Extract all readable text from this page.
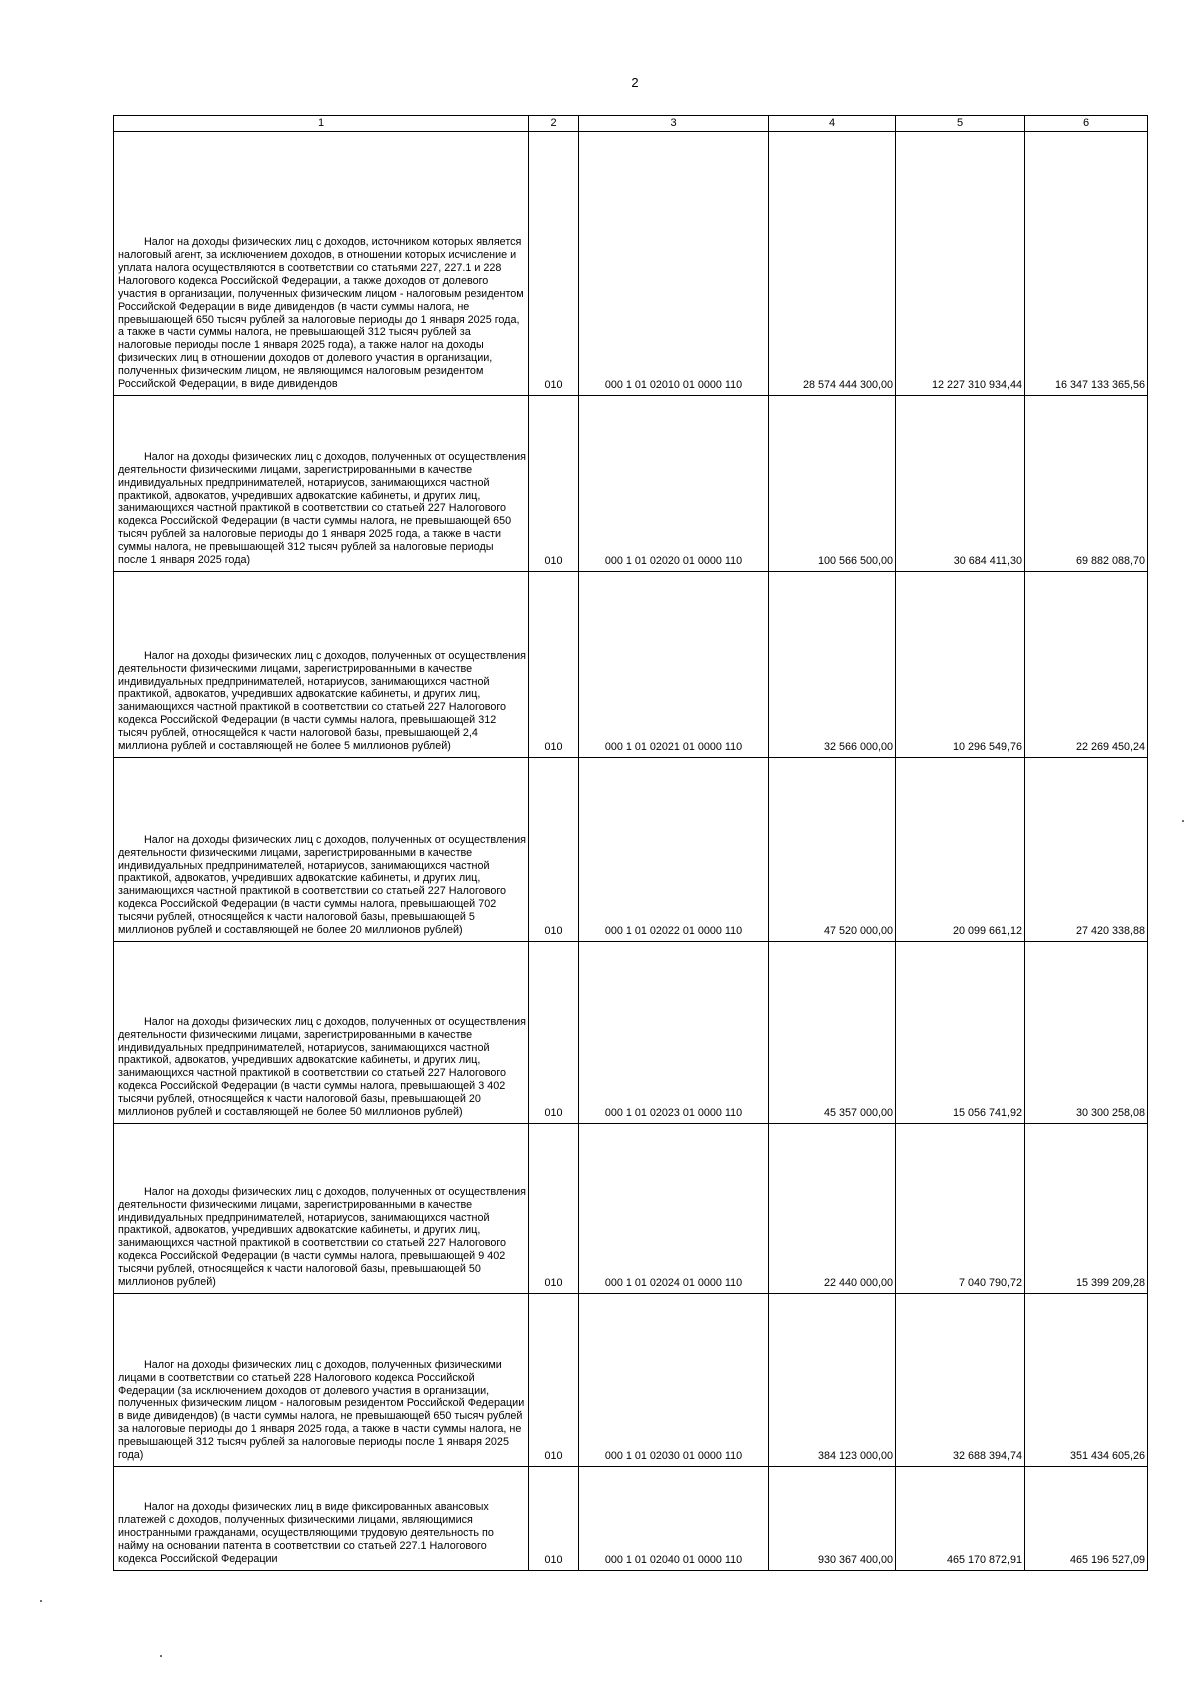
2
1	2	3	4	5	6

Налог на доходы физических лиц с доходов, источником которых является налоговый агент, за исключением доходов, в отношении которых исчисление и уплата налога осуществляются в соответствии со статьями 227, 227.1 и 228 Налогового кодекса Российской Федерации, а также доходов от долевого участия в организации, полученных физическим лицом - налоговым резидентом Российской Федерации в виде дивидендов (в части суммы налога, не превышающей 650 тысяч рублей за налоговые периоды до 1 января 2025 года, а также в части суммы налога, не превышающей 312 тысяч рублей за налоговые периоды после 1 января 2025 года), а также налог на доходы физических лиц в отношении доходов от долевого участия в организации, полученных физическим лицом, не являющимся налоговым резидентом Российской Федерации, в виде дивидендов	010	000 1 01 02010 01 0000 110	28 574 444 300,00	12 227 310 934,44	16 347 133 365,56

Налог на доходы физических лиц с доходов, полученных от осуществления деятельности физическими лицами, зарегистрированными в качестве индивидуальных предпринимателей, нотариусов, занимающихся частной практикой, адвокатов, учредивших адвокатские кабинеты, и других лиц, занимающихся частной практикой в соответствии со статьей 227 Налогового кодекса Российской Федерации (в части суммы налога, не превышающей 650 тысяч рублей за налоговые периоды до 1 января 2025 года, а также в части суммы налога, не превышающей 312 тысяч рублей за налоговые периоды после 1 января 2025 года)	010	000 1 01 02020 01 0000 110	100 566 500,00	30 684 411,30	69 882 088,70

Налог на доходы физических лиц с доходов, полученных от осуществления деятельности физическими лицами, зарегистрированными в качестве индивидуальных предпринимателей, нотариусов, занимающихся частной практикой, адвокатов, учредивших адвокатские кабинеты, и других лиц, занимающихся частной практикой в соответствии со статьей 227 Налогового кодекса Российской Федерации (в части суммы налога, превышающей 312 тысяч рублей, относящейся к части налоговой базы, превышающей 2,4 миллиона рублей и составляющей не более 5 миллионов рублей)	010	000 1 01 02021 01 0000 110	32 566 000,00	10 296 549,76	22 269 450,24

Налог на доходы физических лиц с доходов, полученных от осуществления деятельности физическими лицами, зарегистрированными в качестве индивидуальных предпринимателей, нотариусов, занимающихся частной практикой, адвокатов, учредивших адвокатские кабинеты, и других лиц, занимающихся частной практикой в соответствии со статьей 227 Налогового кодекса Российской Федерации (в части суммы налога, превышающей 702 тысячи рублей, относящейся к части налоговой базы, превышающей 5 миллионов рублей и составляющей не более 20 миллионов рублей)	010	000 1 01 02022 01 0000 110	47 520 000,00	20 099 661,12	27 420 338,88

Налог на доходы физических лиц с доходов, полученных от осуществления деятельности физическими лицами, зарегистрированными в качестве индивидуальных предпринимателей, нотариусов, занимающихся частной практикой, адвокатов, учредивших адвокатские кабинеты, и других лиц, занимающихся частной практикой в соответствии со статьей 227 Налогового кодекса Российской Федерации (в части суммы налога, превышающей 3 402 тысячи рублей, относящейся к части налоговой базы, превышающей 20 миллионов рублей и составляющей не более 50 миллионов рублей)	010	000 1 01 02023 01 0000 110	45 357 000,00	15 056 741,92	30 300 258,08

Налог на доходы физических лиц с доходов, полученных от осуществления деятельности физическими лицами, зарегистрированными в качестве индивидуальных предпринимателей, нотариусов, занимающихся частной практикой, адвокатов, учредивших адвокатские кабинеты, и других лиц, занимающихся частной практикой в соответствии со статьей 227 Налогового кодекса Российской Федерации (в части суммы налога, превышающей 9 402 тысячи рублей, относящейся к части налоговой базы, превышающей 50 миллионов рублей)	010	000 1 01 02024 01 0000 110	22 440 000,00	7 040 790,72	15 399 209,28

Налог на доходы физических лиц с доходов, полученных физическими лицами в соответствии со статьей 228 Налогового кодекса Российской Федерации (за исключением доходов от долевого участия в организации, полученных физическим лицом - налоговым резидентом Российской Федерации в виде дивидендов) (в части суммы налога, не превышающей 650 тысяч рублей за налоговые периоды до 1 января 2025 года, а также в части суммы налога, не превышающей 312 тысяч рублей за налоговые периоды после 1 января 2025 года)	010	000 1 01 02030 01 0000 110	384 123 000,00	32 688 394,74	351 434 605,26

Налог на доходы физических лиц в виде фиксированных авансовых платежей с доходов, полученных физическими лицами, являющимися иностранными гражданами, осуществляющими трудовую деятельность по найму на основании патента в соответствии со статьей 227.1 Налогового кодекса Российской Федерации	010	000 1 01 02040 01 0000 110	930 367 400,00	465 170 872,91	465 196 527,09
